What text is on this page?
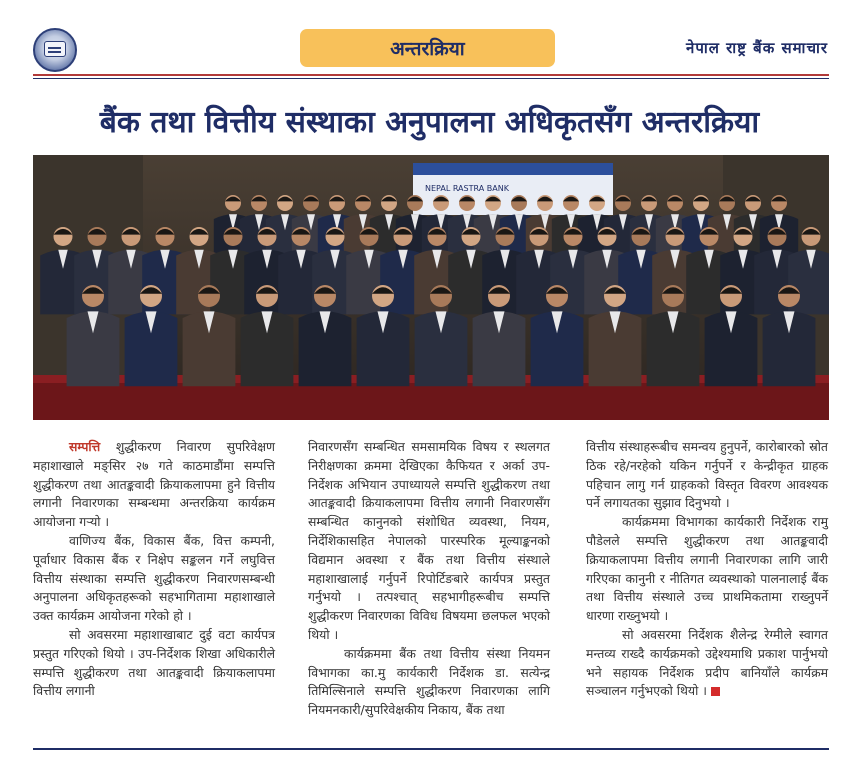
अन्तरक्रिया	नेपाल राष्ट्र बैंक समाचार
बैंक तथा वित्तीय संस्थाका अनुपालना अधिकृतसँग अन्तरक्रिया
NEPAL RASTRA BANK

सम्पत्ति शुद्धीकरण निवारण सुपरिवेक्षण महाशाखाले मङ्सिर २७ गते काठमाडौंमा सम्पत्ति शुद्धीकरण तथा आतङ्कवादी क्रियाकलापमा हुने वित्तीय लगानी निवारणका सम्बन्धमा अन्तरक्रिया कार्यक्रम आयोजना गऱ्यो ।

वाणिज्य बैंक, विकास बैंक, वित्त कम्पनी, पूर्वाधार विकास बैंक र निक्षेप सङ्कलन गर्ने लघुवित्त वित्तीय संस्थाका सम्पत्ति शुद्धीकरण निवारणसम्बन्धी अनुपालना अधिकृतहरूको सहभागितामा महाशाखाले उक्त कार्यक्रम आयोजना गरेको हो ।

सो अवसरमा महाशाखाबाट दुई वटा कार्यपत्र प्रस्तुत गरिएको थियो । उप-निर्देशक शिखा अधिकारीले सम्पत्ति शुद्धीकरण तथा आतङ्कवादी क्रियाकलापमा वित्तीय लगानी

निवारणसँग सम्बन्धित समसामयिक विषय र स्थलगत निरीक्षणका क्रममा देखिएका कैफियत र अर्का उप-निर्देशक अभियान उपाध्यायले सम्पत्ति शुद्धीकरण तथा आतङ्कवादी क्रियाकलापमा वित्तीय लगानी निवारणसँग सम्बन्धित कानुनको संशोधित व्यवस्था, नियम, निर्देशिकासहित नेपालको पारस्परिक मूल्याङ्कनको विद्यमान अवस्था र बैंक तथा वित्तीय संस्थाले महाशाखालाई गर्नुपर्ने रिपोर्टिङबारे कार्यपत्र प्रस्तुत गर्नुभयो । तत्पश्चात् सहभागीहरूबीच सम्पत्ति शुद्धीकरण निवारणका विविध विषयमा छलफल भएको थियो ।

कार्यक्रममा बैंक तथा वित्तीय संस्था नियमन विभागका का.मु कार्यकारी निर्देशक डा. सत्येन्द्र तिमिल्सिनाले सम्पत्ति शुद्धीकरण निवारणका लागि नियमनकारी/सुपरिवेक्षकीय निकाय, बैंक तथा

वित्तीय संस्थाहरूबीच समन्वय हुनुपर्ने, कारोबारको स्रोत ठिक रहे/नरहेको यकिन गर्नुपर्ने र केन्द्रीकृत ग्राहक पहिचान लागु गर्न ग्राहकको विस्तृत विवरण आवश्यक पर्ने लगायतका सुझाव दिनुभयो ।

कार्यक्रममा विभागका कार्यकारी निर्देशक रामु पौडेलले सम्पत्ति शुद्धीकरण तथा आतङ्कवादी क्रियाकलापमा वित्तीय लगानी निवारणका लागि जारी गरिएका कानुनी र नीतिगत व्यवस्थाको पालनालाई बैंक तथा वित्तीय संस्थाले उच्च प्राथमिकतामा राख्नुपर्ने धारणा राख्नुभयो ।

सो अवसरमा निर्देशक शैलेन्द्र रेग्मीले स्वागत मन्तव्य राख्दै कार्यक्रमको उद्देश्यमाथि प्रकाश पार्नुभयो भने सहायक निर्देशक प्रदीप बानियाँले कार्यक्रम सञ्चालन गर्नुभएको थियो ।
